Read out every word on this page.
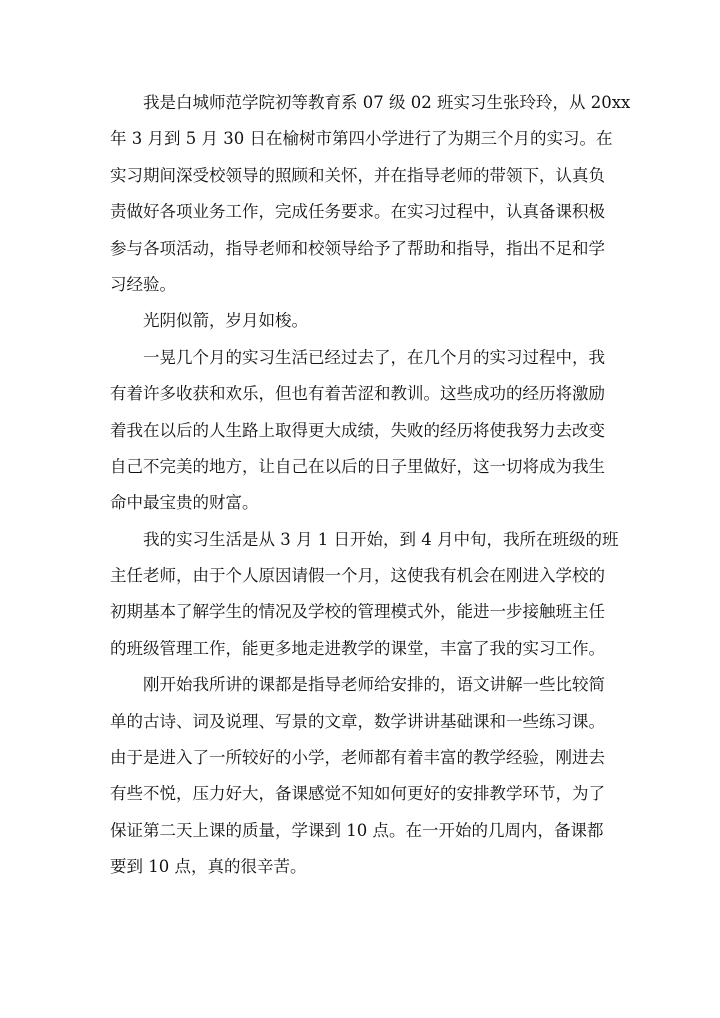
我是白城师范学院初等教育系 07 级 02 班实习生张玲玲，从 20xx
年 3 月到 5 月 30 日在榆树市第四小学进行了为期三个月的实习。在
实习期间深受校领导的照顾和关怀，并在指导老师的带领下，认真负
责做好各项业务工作，完成任务要求。在实习过程中，认真备课积极
参与各项活动，指导老师和校领导给予了帮助和指导，指出不足和学
习经验。
光阴似箭，岁月如梭。
一晃几个月的实习生活已经过去了，在几个月的实习过程中，我
有着许多收获和欢乐，但也有着苦涩和教训。这些成功的经历将激励
着我在以后的人生路上取得更大成绩，失败的经历将使我努力去改变
自己不完美的地方，让自己在以后的日子里做好，这一切将成为我生
命中最宝贵的财富。
我的实习生活是从 3 月 1 日开始，到 4 月中旬，我所在班级的班
主任老师，由于个人原因请假一个月，这使我有机会在刚进入学校的
初期基本了解学生的情况及学校的管理模式外，能进一步接触班主任
的班级管理工作，能更多地走进教学的课堂，丰富了我的实习工作。
刚开始我所讲的课都是指导老师给安排的，语文讲解一些比较简
单的古诗、词及说理、写景的文章，数学讲讲基础课和一些练习课。
由于是进入了一所较好的小学，老师都有着丰富的教学经验，刚进去
有些不悦，压力好大，备课感觉不知如何更好的安排教学环节，为了
保证第二天上课的质量，学课到 10 点。在一开始的几周内，备课都
要到 10 点，真的很辛苦。
